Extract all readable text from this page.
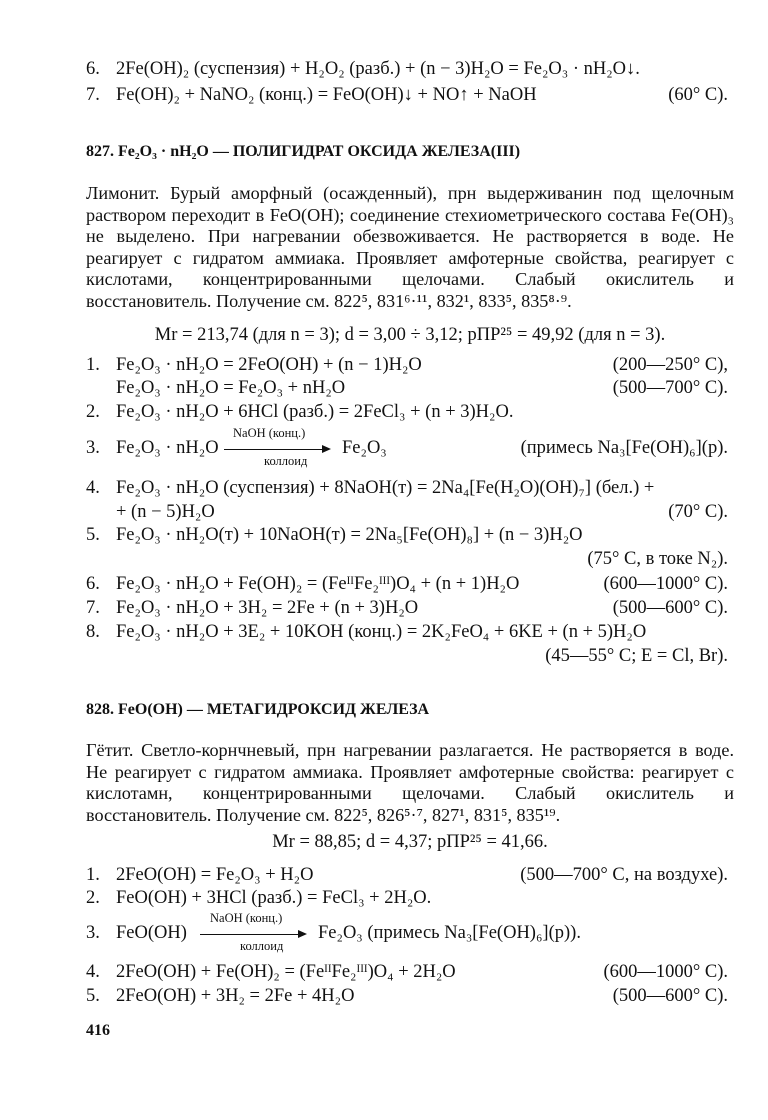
6. 2Fe(OH)₂ (суспензия) + H₂O₂ (разб.) + (n − 3)H₂O = Fe₂O₃ · nH₂O↓.
7. Fe(OH)₂ + NaNO₂ (конц.) = FeO(OH)↓ + NO↑ + NaOH	(60° C).
827. Fe₂O₃ · nH₂O — ПОЛИГИДРАТ ОКСИДА ЖЕЛЕЗА(III)

Лимонит. Бурый аморфный (осажденный), прн выдерживанин под щелочным раствором переходит в FeO(OH); соединение стехиометрического состава Fe(OH)₃ не выделено. При нагревании обезвоживается. Не растворяется в воде. Не реагирует с гидратом аммиака. Проявляет амфотерные свойства, реагирует с кислотами, концентрированными щелочами. Слабый окислитель и восстановитель. Получение см. 822⁵, 831⁶·¹¹, 832¹, 833⁵, 835⁸·⁹.

Mr = 213,74 (для n = 3); d = 3,00 ÷ 3,12; рПР²⁵ = 49,92 (для n = 3).
1. Fe₂O₃ · nH₂O = 2FeO(OH) + (n − 1)H₂O	(200—250° C),
Fe₂O₃ · nH₂O = Fe₂O₃ + nH₂O	(500—700° C).
2. Fe₂O₃ · nH₂O + 6HCl (разб.) = 2FeCl₃ + (n + 3)H₂O.
3. Fe₂O₃ · nH₂O
NaOH (конц.)
коллоид
Fe₂O₃	(примесь Na₃[Fe(OH)₆](р).
4. Fe₂O₃ · nH₂O (суспензия) + 8NaOH(т) = 2Na₄[Fe(H₂O)(OH)₇] (бел.) +
+ (n − 5)H₂O	(70° C).
5. Fe₂O₃ · nH₂O(т) + 10NaOH(т) = 2Na₅[Fe(OH)₈] + (n − 3)H₂O
(75° C, в токе N₂).
6. Fe₂O₃ · nH₂O + Fe(OH)₂ = (FeᴵᴵFe₂ᴵᴵᴵ)O₄ + (n + 1)H₂O	(600—1000° C).
7. Fe₂O₃ · nH₂O + 3H₂ = 2Fe + (n + 3)H₂O	(500—600° C).
8. Fe₂O₃ · nH₂O + 3E₂ + 10KOH (конц.) = 2K₂FeO₄ + 6KE + (n + 5)H₂O
(45—55° C; E = Cl, Br).
828. FeO(OH) — МЕТАГИДРОКСИД ЖЕЛЕЗА

Гётит. Светло-корнчневый, прн нагревании разлагается. Не растворяется в воде. Не реагирует с гидратом аммиака. Проявляет амфотерные свойства: реагирует с кислотамн, концентрированными щелочами. Слабый окислитель и восстановитель. Получение см. 822⁵, 826⁵·⁷, 827¹, 831⁵, 835¹⁹.

Mr = 88,85; d = 4,37; рПР²⁵ = 41,66.
1. 2FeO(OH) = Fe₂O₃ + H₂O	(500—700° C, на воздухе).
2. FeO(OH) + 3HCl (разб.) = FeCl₃ + 2H₂O.
3. FeO(OH)
NaOH (конц.)
коллоид
Fe₂O₃ (примесь Na₃[Fe(OH)₆](р)).
4. 2FeO(OH) + Fe(OH)₂ = (FeᴵᴵFe₂ᴵᴵᴵ)O₄ + 2H₂O	(600—1000° C).
5. 2FeO(OH) + 3H₂ = 2Fe + 4H₂O	(500—600° C).
416
